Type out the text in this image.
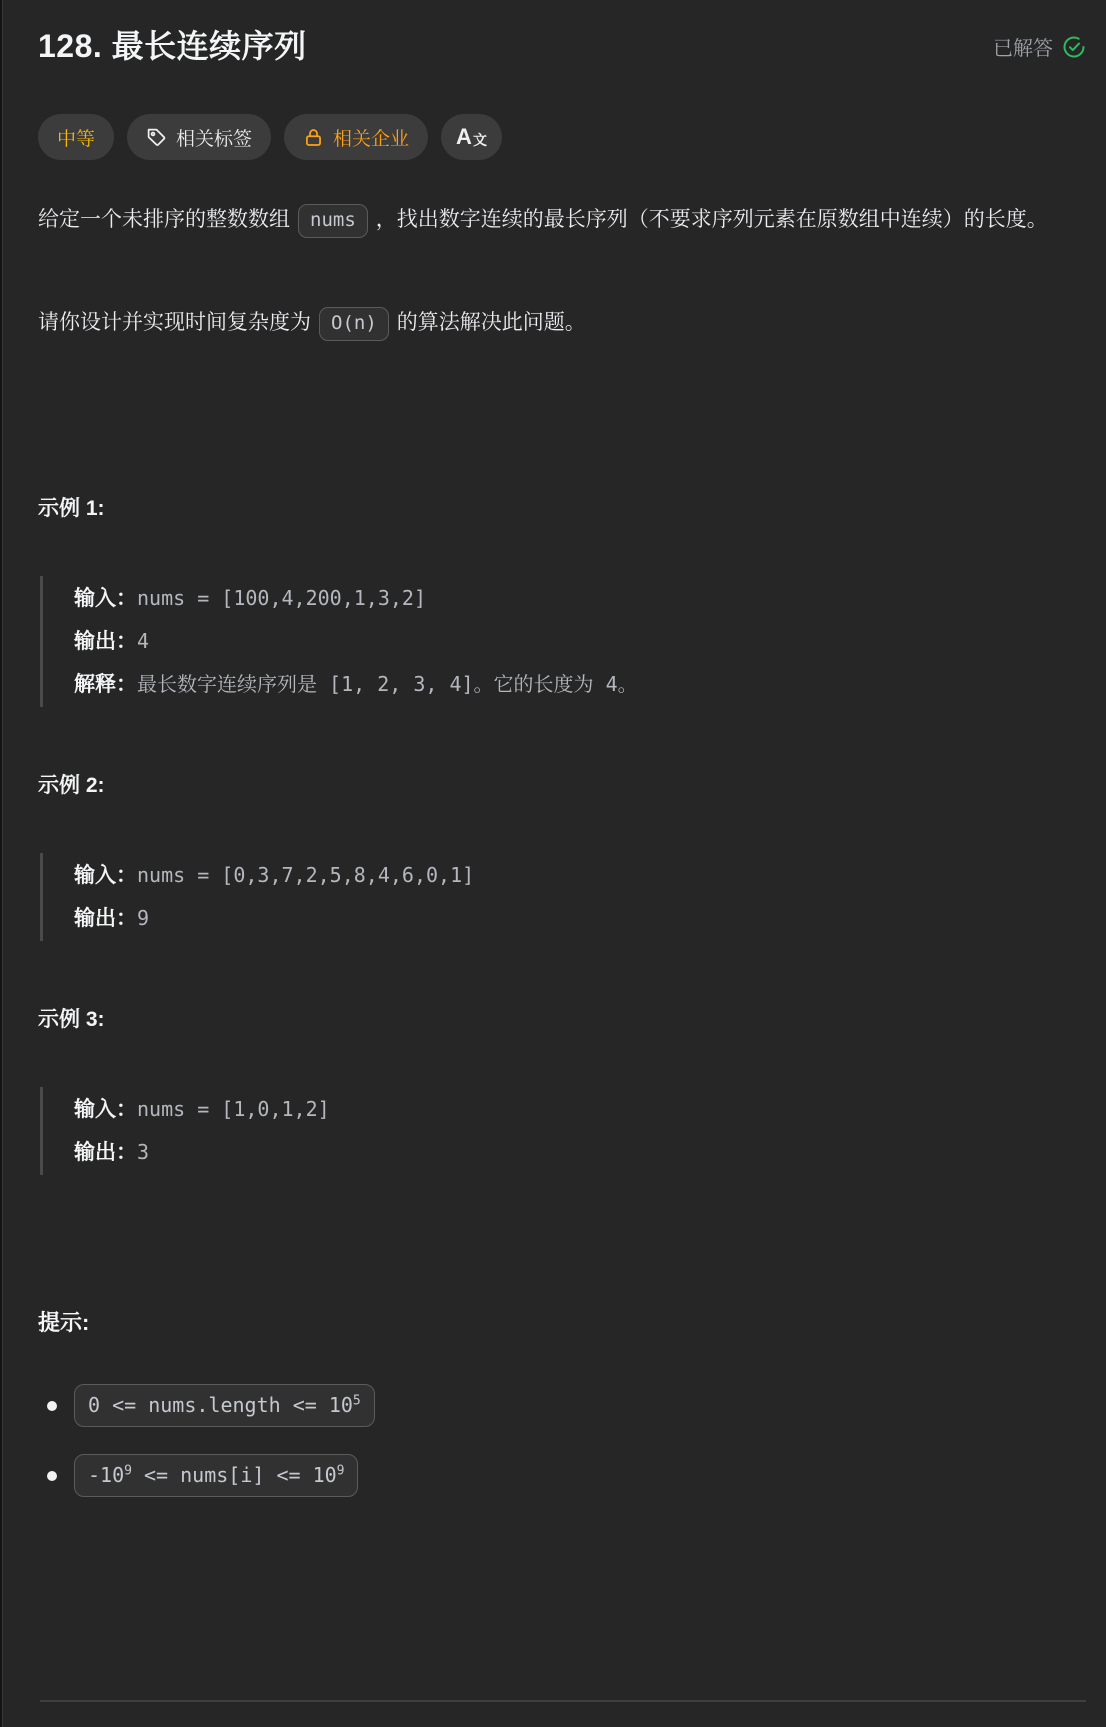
128. 最长连续序列	已解答
中等	相关标签	相关企业 A 文

给定一个未排序的整数数组 nums ，找出数字连续的最长序列（不要求序列元素在原数组中连续）的长度。

请你设计并实现时间复杂度为 O(n) 的算法解决此问题。

示例 1:
输入：nums = [100,4,200,1,3,2]
输出：4
解释：最长数字连续序列是 [1, 2, 3, 4]。它的长度为 4。
示例 2:
输入：nums = [0,3,7,2,5,8,4,6,0,1]
输出：9
示例 3:
输入：nums = [1,0,1,2]
输出：3
提示:
0 <= nums.length <= $10^5$
$-10^9$ <= nums[i] <= $10^9$
